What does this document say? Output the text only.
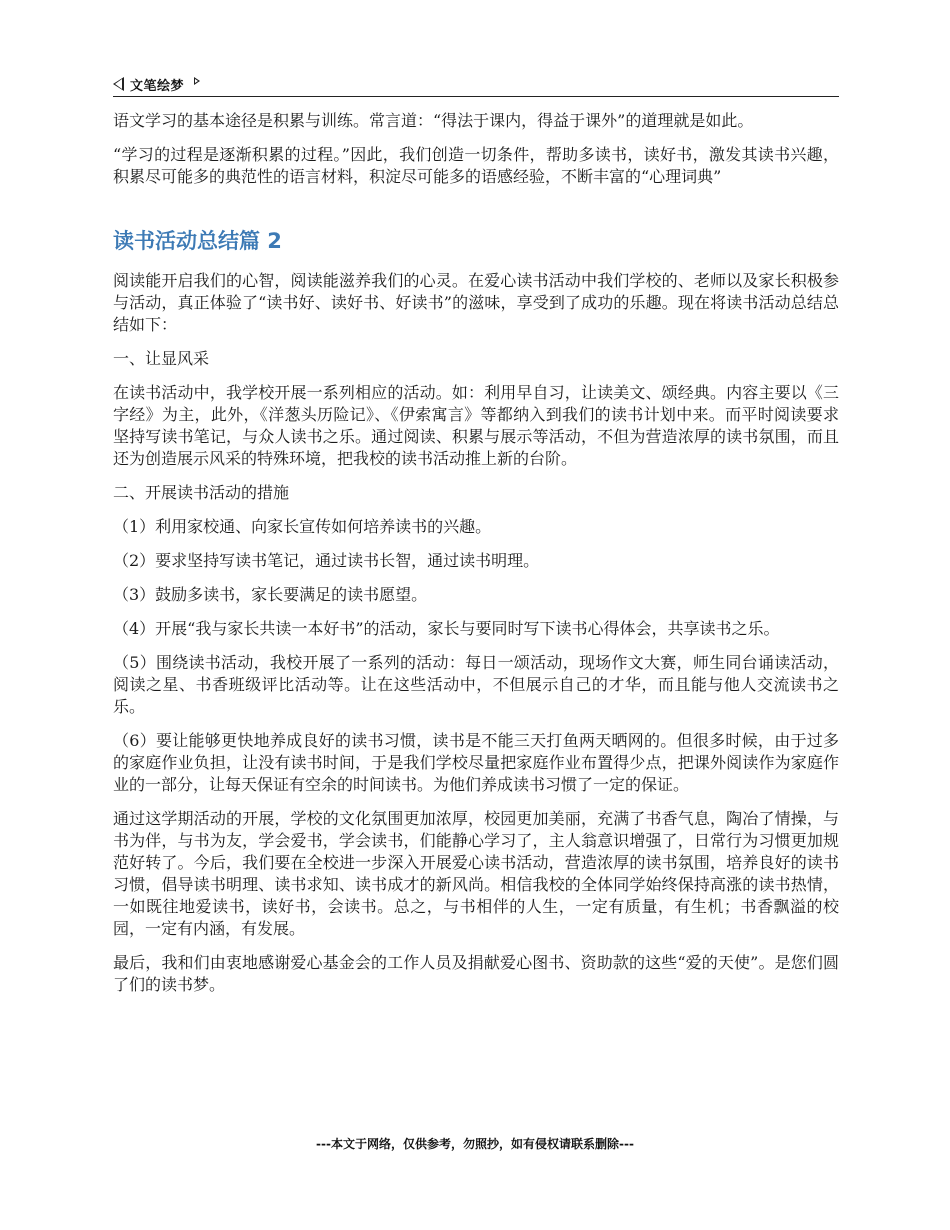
文笔绘梦

语文学习的基本途径是积累与训练。常言道：“得法于课内，得益于课外”的道理就是如此。

“学习的过程是逐渐积累的过程。”因此，我们创造一切条件，帮助多读书，读好书，激发其读书兴趣，积累尽可能多的典范性的语言材料，积淀尽可能多的语感经验，不断丰富的“心理词典”

读书活动总结篇 2

阅读能开启我们的心智，阅读能滋养我们的心灵。在爱心读书活动中我们学校的、老师以及家长积极参与活动，真正体验了“读书好、读好书、好读书”的滋味，享受到了成功的乐趣。现在将读书活动总结总结如下：

一、让显风采

在读书活动中，我学校开展一系列相应的活动。如：利用早自习，让读美文、颂经典。内容主要以《三字经》为主，此外，《洋葱头历险记》、《伊索寓言》等都纳入到我们的读书计划中来。而平时阅读要求坚持写读书笔记，与众人读书之乐。通过阅读、积累与展示等活动，不但为营造浓厚的读书氛围，而且还为创造展示风采的特殊环境，把我校的读书活动推上新的台阶。

二、开展读书活动的措施

（1）利用家校通、向家长宣传如何培养读书的兴趣。

（2）要求坚持写读书笔记，通过读书长智，通过读书明理。

（3）鼓励多读书，家长要满足的读书愿望。

（4）开展“我与家长共读一本好书”的活动，家长与要同时写下读书心得体会，共享读书之乐。

（5）围绕读书活动，我校开展了一系列的活动：每日一颂活动，现场作文大赛，师生同台诵读活动，阅读之星、书香班级评比活动等。让在这些活动中，不但展示自己的才华，而且能与他人交流读书之乐。

（6）要让能够更快地养成良好的读书习惯，读书是不能三天打鱼两天晒网的。但很多时候，由于过多的家庭作业负担，让没有读书时间，于是我们学校尽量把家庭作业布置得少点，把课外阅读作为家庭作业的一部分，让每天保证有空余的时间读书。为他们养成读书习惯了一定的保证。

通过这学期活动的开展，学校的文化氛围更加浓厚，校园更加美丽，充满了书香气息，陶冶了情操，与书为伴，与书为友，学会爱书，学会读书，们能静心学习了，主人翁意识增强了，日常行为习惯更加规范好转了。今后，我们要在全校进一步深入开展爱心读书活动，营造浓厚的读书氛围，培养良好的读书习惯，倡导读书明理、读书求知、读书成才的新风尚。相信我校的全体同学始终保持高涨的读书热情，一如既往地爱读书，读好书，会读书。总之，与书相伴的人生，一定有质量，有生机；书香飘溢的校园，一定有内涵，有发展。

最后，我和们由衷地感谢爱心基金会的工作人员及捐献爱心图书、资助款的这些“爱的天使”。是您们圆了们的读书梦。

---本文于网络，仅供参考，勿照抄，如有侵权请联系删除---
